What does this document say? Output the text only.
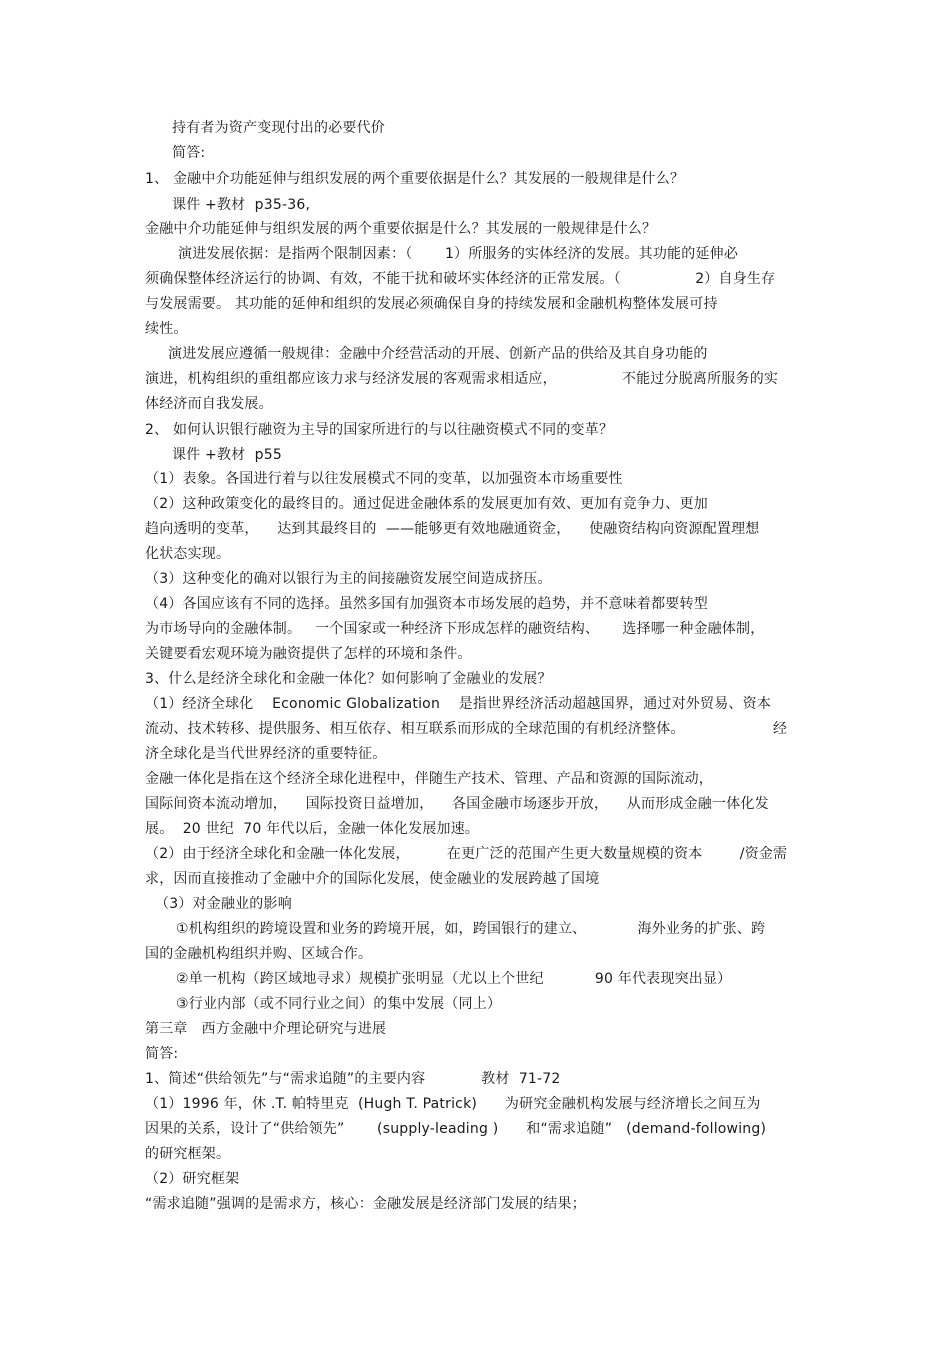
持有者为资产变现付出的必要代价
简答:
1、 金融中介功能延伸与组织发展的两个重要依据是什么？其发展的一般规律是什么？
课件 +教材  p35-36,
金融中介功能延伸与组织发展的两个重要依据是什么？其发展的一般规律是什么？
演进发展依据：是指两个限制因素：（       1）所服务的实体经济的发展。其功能的延伸必
须确保整体经济运行的协调、有效，不能干扰和破坏实体经济的正常发展。（                2）自身生存
与发展需要。 其功能的延伸和组织的发展必须确保自身的持续发展和金融机构整体发展可持
续性。
演进发展应遵循一般规律：金融中介经营活动的开展、创新产品的供给及其自身功能的
演进，机构组织的重组都应该力求与经济发展的客观需求相适应，              不能过分脱离所服务的实
体经济而自我发展。
2、 如何认识银行融资为主导的国家所进行的与以往融资模式不同的变革？
课件 +教材  p55
（1）表象。各国进行着与以往发展模式不同的变革，以加强资本市场重要性
（2）这种政策变化的最终目的。通过促进金融体系的发展更加有效、更加有竞争力、更加
趋向透明的变革，    达到其最终目的  ——能够更有效地融通资金，    使融资结构向资源配置理想
化状态实现。
（3）这种变化的确对以银行为主的间接融资发展空间造成挤压。
（4）各国应该有不同的选择。虽然多国有加强资本市场发展的趋势，并不意味着都要转型
为市场导向的金融体制。   一个国家或一种经济下形成怎样的融资结构、     选择哪一种金融体制，
关键要看宏观环境为融资提供了怎样的环境和条件。
3、什么是经济全球化和金融一体化？如何影响了金融业的发展？
（1）经济全球化    Economic Globalization    是指世界经济活动超越国界，通过对外贸易、资本
流动、技术转移、提供服务、相互依存、相互联系而形成的全球范围的有机经济整体。                   经
济全球化是当代世界经济的重要特征。
金融一体化是指在这个经济全球化进程中，伴随生产技术、管理、产品和资源的国际流动，
国际间资本流动增加，    国际投资日益增加，    各国金融市场逐步开放，    从而形成金融一体化发
展。  20 世纪  70 年代以后，金融一体化发展加速。
（2）由于经济全球化和金融一体化发展，        在更广泛的范围产生更大数量规模的资本        /资金需
求，因而直接推动了金融中介的国际化发展，使金融业的发展跨越了国境
（3）对金融业的影响
①机构组织的跨境设置和业务的跨境开展，如，跨国银行的建立、           海外业务的扩张、跨
国的金融机构组织并购、区域合作。
②单一机构（跨区域地寻求）规模扩张明显（尤以上个世纪           90 年代表现突出显）
③行业内部（或不同行业之间）的集中发展（同上）
第三章   西方金融中介理论研究与进展
简答:
1、简述“供给领先”与“需求追随”的主要内容            教材  71-72
（1）1996 年，休 .T. 帕特里克  (Hugh T. Patrick)      为研究金融机构发展与经济增长之间互为
因果的关系，设计了“供给领先”       (supply-leading )      和“需求追随”   (demand-following)
的研究框架。
（2）研究框架
“需求追随”强调的是需求方，核心：金融发展是经济部门发展的结果；
